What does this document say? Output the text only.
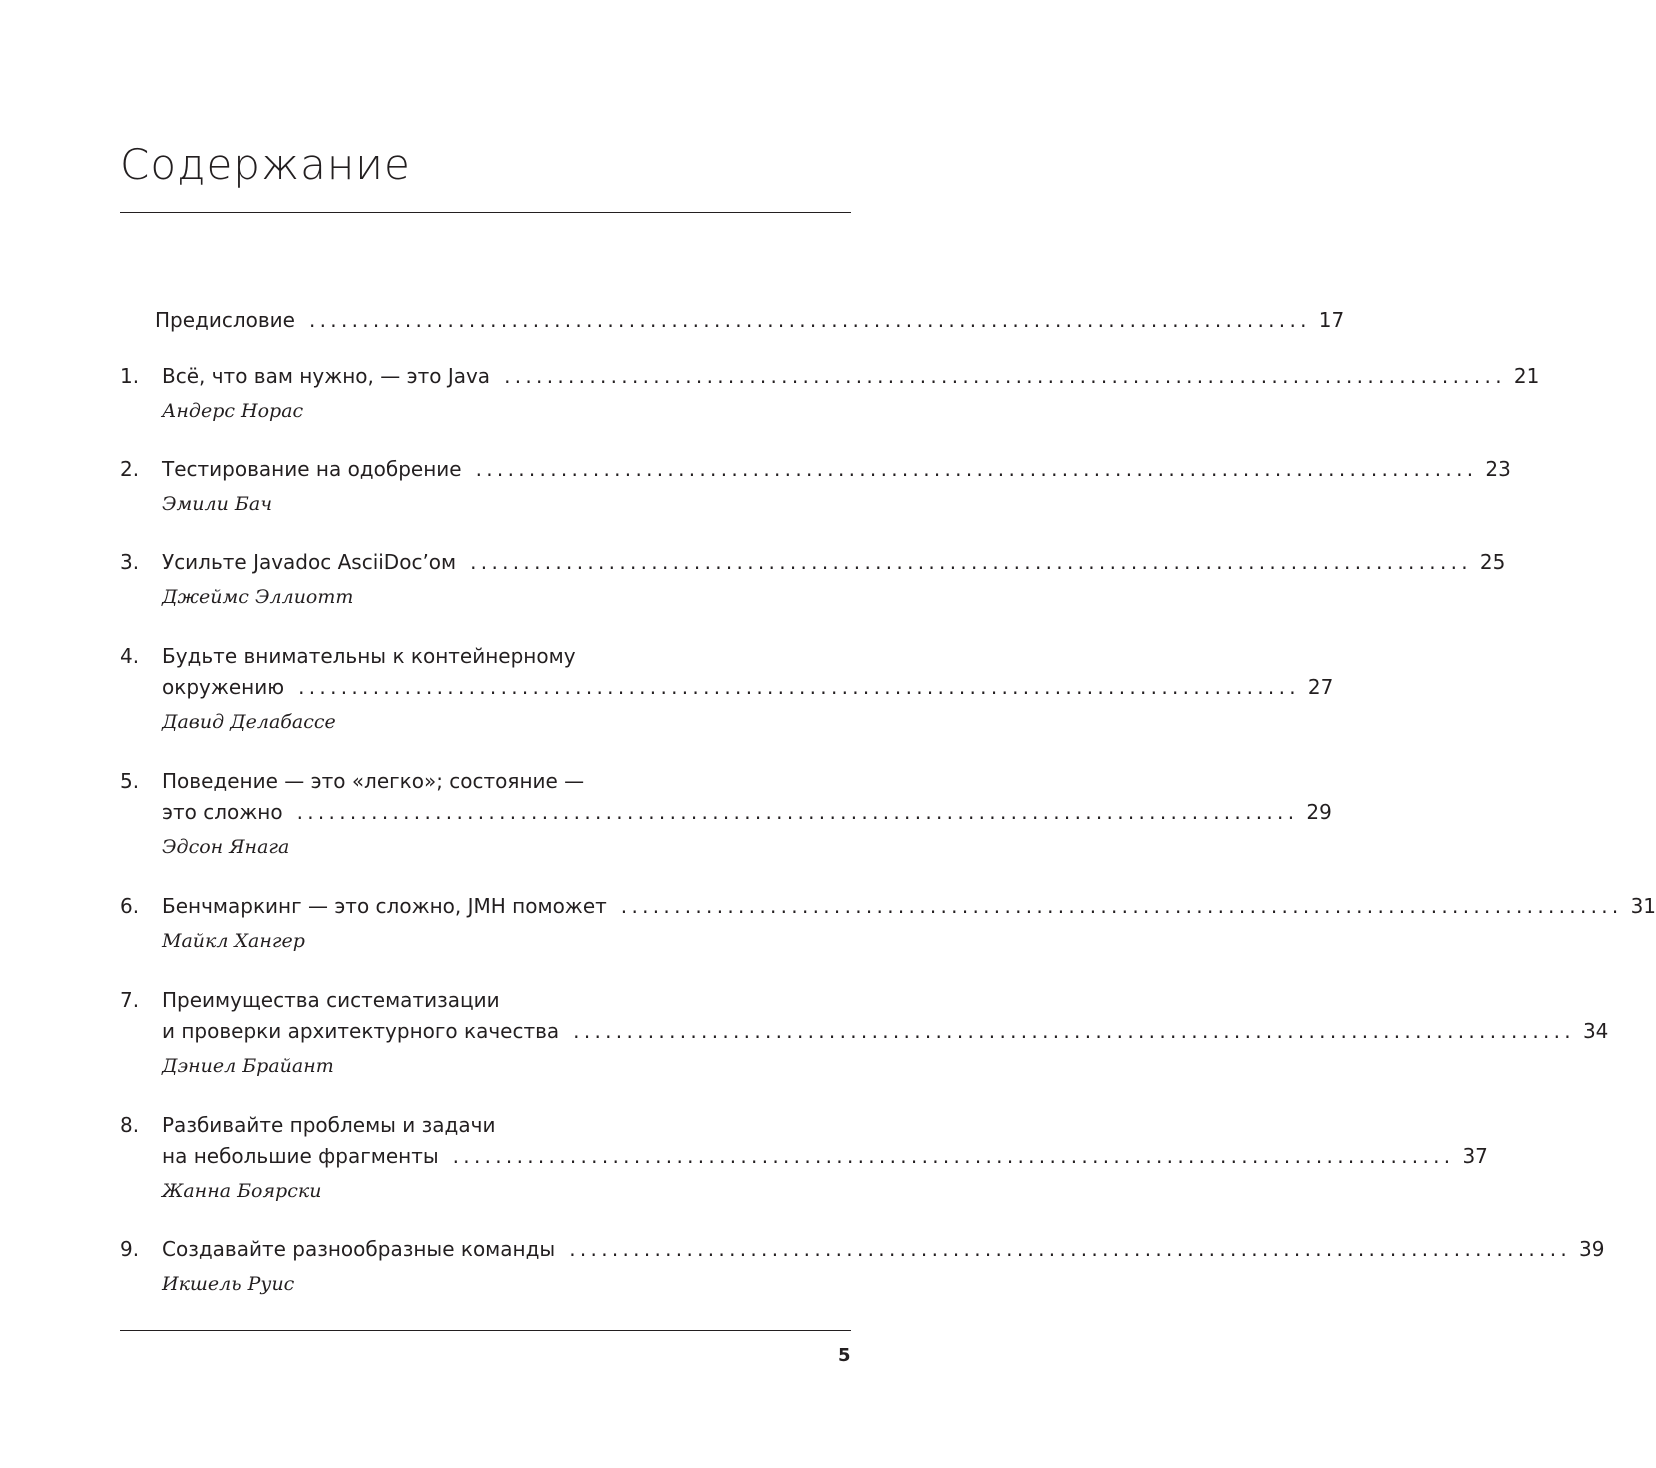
Содержание
Предисловие .............................................................................................. 17
1.	Всё, что вам нужно, — это Java .............................................................................................. 21
Андерс Норас
2.	Тестирование на одобрение .............................................................................................. 23
Эмили Бач
3.	Усильте Javadoc AsciiDoc’ом .............................................................................................. 25
Джеймс Эллиотт
4.	Будьте внимательны к контейнерному
окружению .............................................................................................. 27
Давид Делабассе
5.	Поведение — это «легко»; состояние —
это сложно .............................................................................................. 29
Эдсон Янага
6.	Бенчмаркинг — это сложно, JMH поможет .............................................................................................. 31
Майкл Хангер
7.	Преимущества систематизации
и проверки архитектурного качества .............................................................................................. 34
Дэниел Брайант
8.	Разбивайте проблемы и задачи
на небольшие фрагменты .............................................................................................. 37
Жанна Боярски
9.	Создавайте разнообразные команды .............................................................................................. 39
Икшель Руис
5
